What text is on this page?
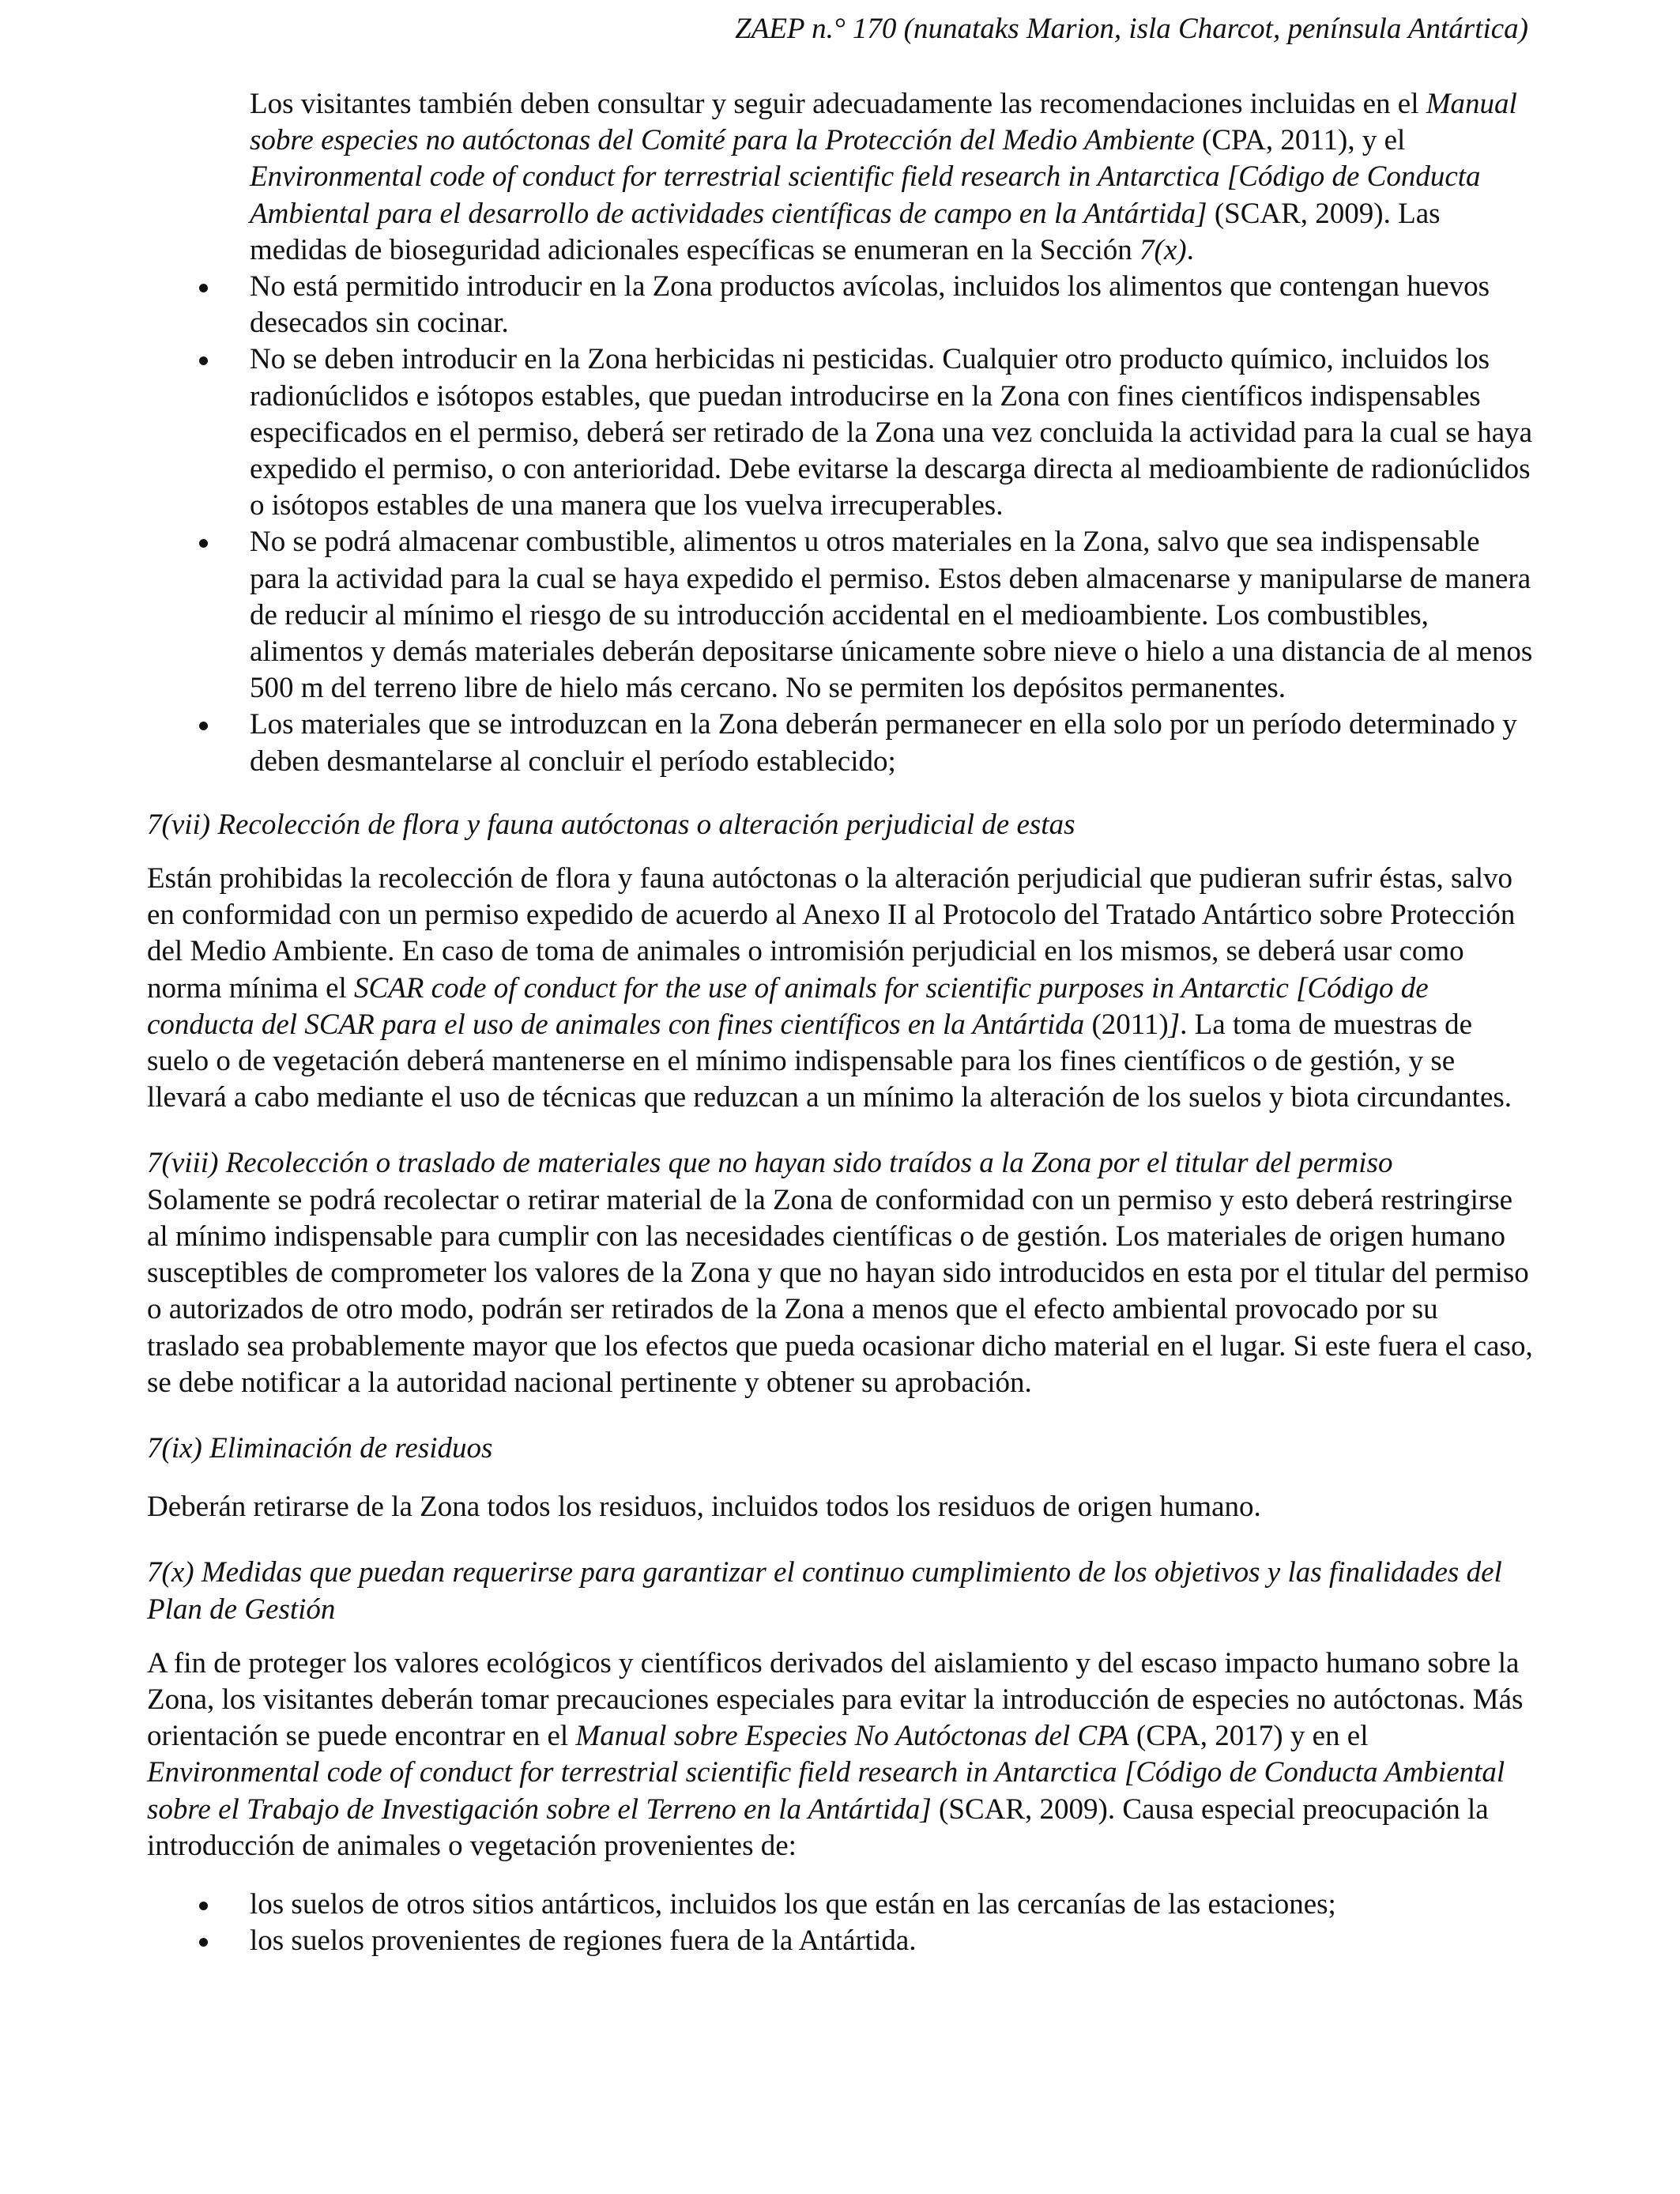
ZAEP n.° 170 (nunataks Marion, isla Charcot, península Antártica)

Los visitantes también deben consultar y seguir adecuadamente las recomendaciones incluidas en el Manual sobre especies no autóctonas del Comité para la Protección del Medio Ambiente (CPA, 2011), y el Environmental code of conduct for terrestrial scientific field research in Antarctica [Código de Conducta Ambiental para el desarrollo de actividades científicas de campo en la Antártida] (SCAR, 2009). Las medidas de bioseguridad adicionales específicas se enumeran en la Sección 7(x).

No está permitido introducir en la Zona productos avícolas, incluidos los alimentos que contengan huevos desecados sin cocinar.
No se deben introducir en la Zona herbicidas ni pesticidas. Cualquier otro producto químico, incluidos los radionúclidos e isótopos estables, que puedan introducirse en la Zona con fines científicos indispensables especificados en el permiso, deberá ser retirado de la Zona una vez concluida la actividad para la cual se haya expedido el permiso, o con anterioridad. Debe evitarse la descarga directa al medioambiente de radionúclidos o isótopos estables de una manera que los vuelva irrecuperables.
No se podrá almacenar combustible, alimentos u otros materiales en la Zona, salvo que sea indispensable para la actividad para la cual se haya expedido el permiso. Estos deben almacenarse y manipularse de manera de reducir al mínimo el riesgo de su introducción accidental en el medioambiente. Los combustibles, alimentos y demás materiales deberán depositarse únicamente sobre nieve o hielo a una distancia de al menos 500 m del terreno libre de hielo más cercano. No se permiten los depósitos permanentes.
Los materiales que se introduzcan en la Zona deberán permanecer en ella solo por un período determinado y deben desmantelarse al concluir el período establecido;

7(vii) Recolección de flora y fauna autóctonas o alteración perjudicial de estas

Están prohibidas la recolección de flora y fauna autóctonas o la alteración perjudicial que pudieran sufrir éstas, salvo en conformidad con un permiso expedido de acuerdo al Anexo II al Protocolo del Tratado Antártico sobre Protección del Medio Ambiente. En caso de toma de animales o intromisión perjudicial en los mismos, se deberá usar como norma mínima el SCAR code of conduct for the use of animals for scientific purposes in Antarctic [Código de conducta del SCAR para el uso de animales con fines científicos en la Antártida (2011)]. La toma de muestras de suelo o de vegetación deberá mantenerse en el mínimo indispensable para los fines científicos o de gestión, y se llevará a cabo mediante el uso de técnicas que reduzcan a un mínimo la alteración de los suelos y biota circundantes.

7(viii) Recolección o traslado de materiales que no hayan sido traídos a la Zona por el titular del permiso

Solamente se podrá recolectar o retirar material de la Zona de conformidad con un permiso y esto deberá restringirse al mínimo indispensable para cumplir con las necesidades científicas o de gestión. Los materiales de origen humano susceptibles de comprometer los valores de la Zona y que no hayan sido introducidos en esta por el titular del permiso o autorizados de otro modo, podrán ser retirados de la Zona a menos que el efecto ambiental provocado por su traslado sea probablemente mayor que los efectos que pueda ocasionar dicho material en el lugar. Si este fuera el caso, se debe notificar a la autoridad nacional pertinente y obtener su aprobación.

7(ix) Eliminación de residuos

Deberán retirarse de la Zona todos los residuos, incluidos todos los residuos de origen humano.

7(x) Medidas que puedan requerirse para garantizar el continuo cumplimiento de los objetivos y las finalidades del Plan de Gestión

A fin de proteger los valores ecológicos y científicos derivados del aislamiento y del escaso impacto humano sobre la Zona, los visitantes deberán tomar precauciones especiales para evitar la introducción de especies no autóctonas. Más orientación se puede encontrar en el Manual sobre Especies No Autóctonas del CPA (CPA, 2017) y en el Environmental code of conduct for terrestrial scientific field research in Antarctica [Código de Conducta Ambiental sobre el Trabajo de Investigación sobre el Terreno en la Antártida] (SCAR, 2009). Causa especial preocupación la introducción de animales o vegetación provenientes de:

los suelos de otros sitios antárticos, incluidos los que están en las cercanías de las estaciones;
los suelos provenientes de regiones fuera de la Antártida.
